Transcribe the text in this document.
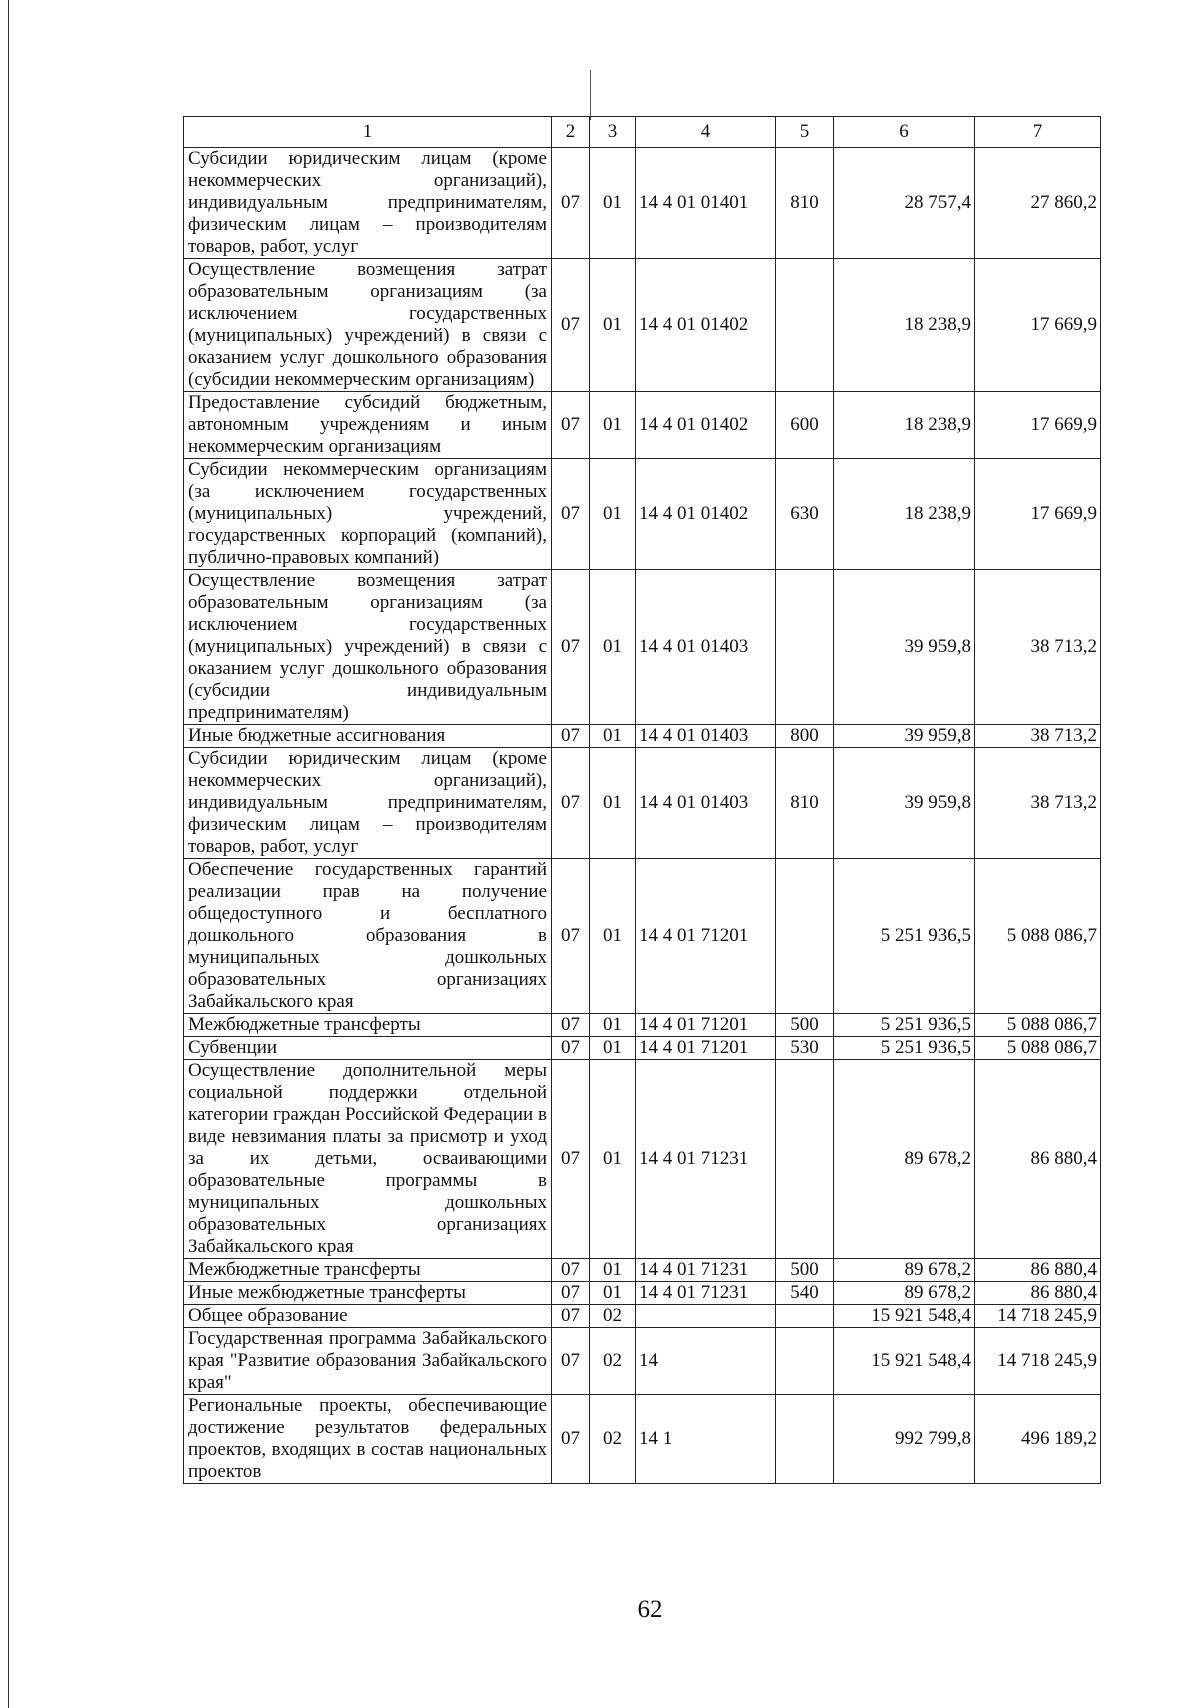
1	2	3	4	5	6	7
Субсидии юридическим лицам (кроме некоммерческих организаций), индивидуальным предпринимателям, физическим лицам – производителям товаров, работ, услуг	07	01	14 4 01 01401	810	28 757,4	27 860,2
Осуществление возмещения затрат образовательным организациям (за исключением государственных (муниципальных) учреждений) в связи с оказанием услуг дошкольного образования (субсидии некоммерческим организациям)	07	01	14 4 01 01402		18 238,9	17 669,9
Предоставление субсидий бюджетным, автономным учреждениям и иным некоммерческим организациям	07	01	14 4 01 01402	600	18 238,9	17 669,9
Субсидии некоммерческим организациям (за исключением государственных (муниципальных) учреждений, государственных корпораций (компаний), публично-правовых компаний)	07	01	14 4 01 01402	630	18 238,9	17 669,9
Осуществление возмещения затрат образовательным организациям (за исключением государственных (муниципальных) учреждений) в связи с оказанием услуг дошкольного образования (субсидии индивидуальным предпринимателям)	07	01	14 4 01 01403		39 959,8	38 713,2
Иные бюджетные ассигнования	07	01	14 4 01 01403	800	39 959,8	38 713,2
Субсидии юридическим лицам (кроме некоммерческих организаций), индивидуальным предпринимателям, физическим лицам – производителям товаров, работ, услуг	07	01	14 4 01 01403	810	39 959,8	38 713,2
Обеспечение государственных гарантий реализации прав на получение общедоступного и бесплатного дошкольного образования в муниципальных дошкольных образовательных организациях Забайкальского края	07	01	14 4 01 71201		5 251 936,5	5 088 086,7
Межбюджетные трансферты	07	01	14 4 01 71201	500	5 251 936,5	5 088 086,7
Субвенции	07	01	14 4 01 71201	530	5 251 936,5	5 088 086,7
Осуществление дополнительной меры социальной поддержки отдельной категории граждан Российской Федерации в виде невзимания платы за присмотр и уход за их детьми, осваивающими образовательные программы в муниципальных дошкольных образовательных организациях Забайкальского края	07	01	14 4 01 71231		89 678,2	86 880,4
Межбюджетные трансферты	07	01	14 4 01 71231	500	89 678,2	86 880,4
Иные межбюджетные трансферты	07	01	14 4 01 71231	540	89 678,2	86 880,4
Общее образование	07	02			15 921 548,4	14 718 245,9
Государственная программа Забайкальского края "Развитие образования Забайкальского края"	07	02	14		15 921 548,4	14 718 245,9
Региональные проекты, обеспечивающие достижение результатов федеральных проектов, входящих в состав национальных проектов	07	02	14 1		992 799,8	496 189,2
62
